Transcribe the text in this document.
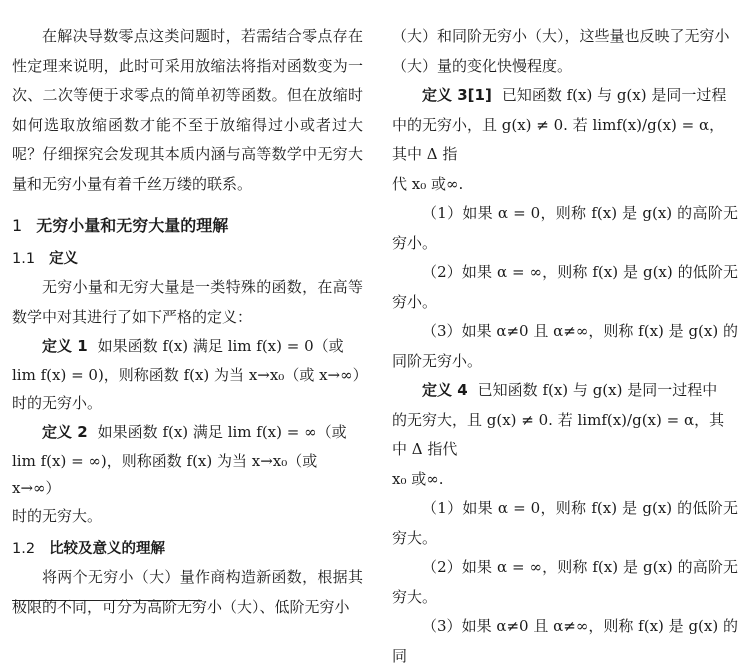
在解决导数零点这类问题时，若需结合零点存在性定理来说明，此时可采用放缩法将指对函数变为一次、二次等便于求零点的简单初等函数。但在放缩时如何选取放缩函数才能不至于放缩得过小或者过大呢？仔细探究会发现其本质内涵与高等数学中无穷大量和无穷小量有着千丝万缕的联系。

1 无穷小量和无穷大量的理解

1.1 定义

无穷小量和无穷大量是一类特殊的函数，在高等数学中对其进行了如下严格的定义：

定义 1 如果函数 f(x) 满足 lim f(x) = 0（或

lim f(x) = 0)，则称函数 f(x) 为当 x→x₀（或 x→∞）

时的无穷小。

定义 2 如果函数 f(x) 满足 lim f(x) = ∞（或

lim f(x) = ∞)，则称函数 f(x) 为当 x→x₀（或 x→∞）

时的无穷大。

1.2 比较及意义的理解

将两个无穷小（大）量作商构造新函数，根据其极限的不同，可分为高阶无穷小（大）、低阶无穷小

（大）和同阶无穷小（大），这些量也反映了无穷小（大）量的变化快慢程度。

定义 3[1] 已知函数 f(x) 与 g(x) 是同一过程

中的无穷小，且 g(x) ≠ 0. 若 limf(x)/g(x) = α，其中 Δ 指

代 x₀ 或∞.

（1）如果 α = 0，则称 f(x) 是 g(x) 的高阶无穷小。

（2）如果 α = ∞，则称 f(x) 是 g(x) 的低阶无穷小。

（3）如果 α≠0 且 α≠∞，则称 f(x) 是 g(x) 的同阶无穷小。

定义 4 已知函数 f(x) 与 g(x) 是同一过程中

的无穷大，且 g(x) ≠ 0. 若 limf(x)/g(x) = α，其中 Δ 指代

x₀ 或∞.

（1）如果 α = 0，则称 f(x) 是 g(x) 的低阶无穷大。

（2）如果 α = ∞，则称 f(x) 是 g(x) 的高阶无穷大。

（3）如果 α≠0 且 α≠∞，则称 f(x) 是 g(x) 的同
